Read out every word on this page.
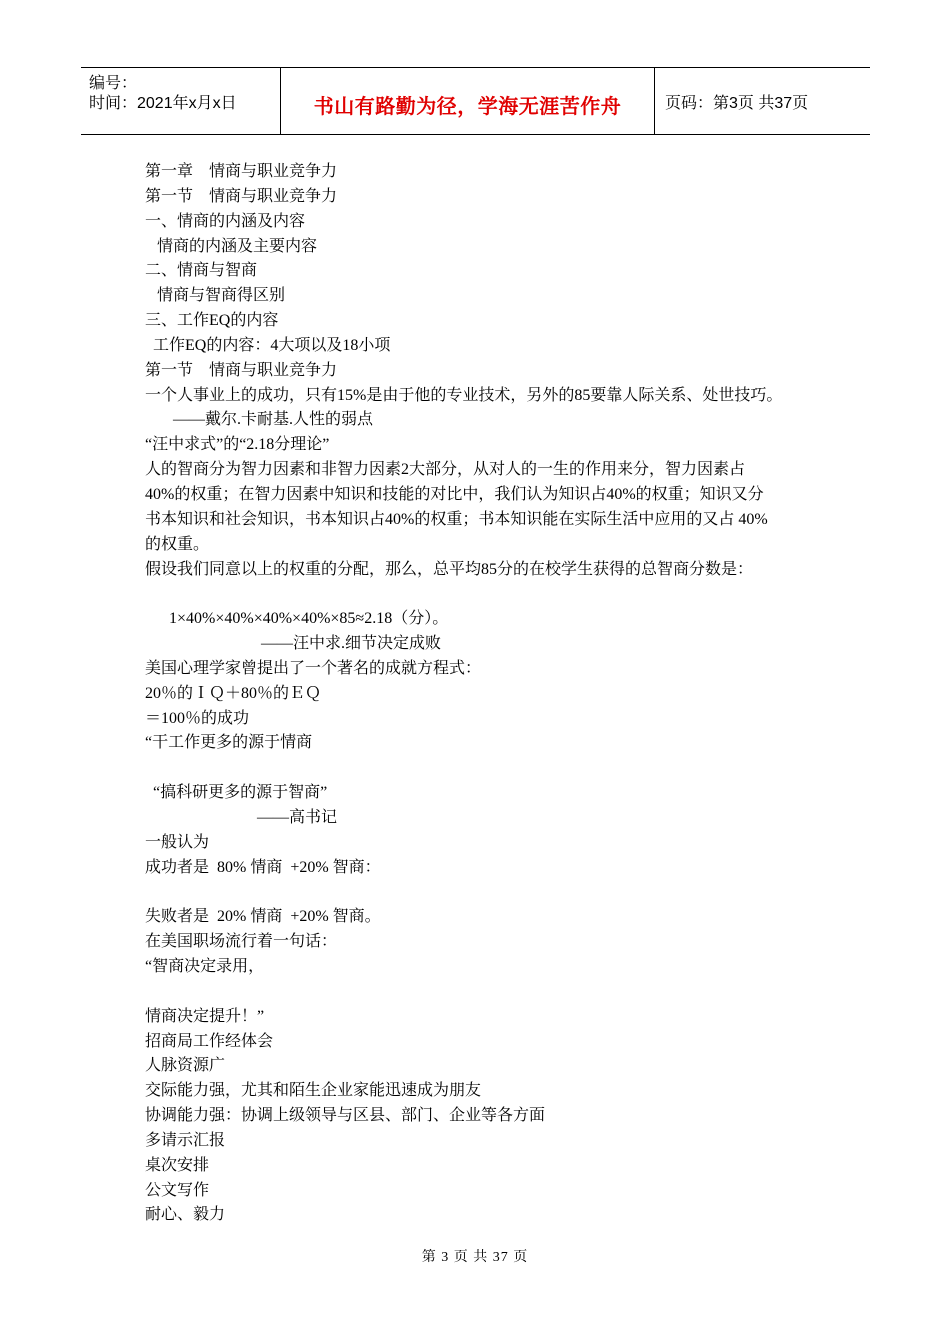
编号：
时间：2021年x月x日	书山有路勤为径，学海无涯苦作舟	页码：第3页 共37页
第一章    情商与职业竞争力
第一节    情商与职业竞争力
一、情商的内涵及内容
情商的内涵及主要内容
二、情商与智商
情商与智商得区别
三、工作EQ的内容
工作EQ的内容：4大项以及18小项
第一节    情商与职业竞争力
一个人事业上的成功，只有15%是由于他的专业技术，另外的85要靠人际关系、处世技巧。
——戴尔.卡耐基.人性的弱点
“汪中求式”的“2.18分理论”
人的智商分为智力因素和非智力因素2大部分，从对人的一生的作用来分，智力因素占
40%的权重；在智力因素中知识和技能的对比中，我们认为知识占40%的权重；知识又分
书本知识和社会知识，书本知识占40%的权重；书本知识能在实际生活中应用的又占 40%
的权重。
假设我们同意以上的权重的分配，那么，总平均85分的在校学生获得的总智商分数是：
1×40%×40%×40%×40%×85≈2.18（分）。
——汪中求.细节决定成败
美国心理学家曾提出了一个著名的成就方程式：
20％的ＩＱ＋80％的ＥＱ
＝100％的成功
“干工作更多的源于情商
“搞科研更多的源于智商”
——高书记
一般认为
成功者是  80% 情商  +20% 智商：
失败者是  20% 情商  +20% 智商。
在美国职场流行着一句话：
“智商决定录用，
情商决定提升！”
招商局工作经体会
人脉资源广
交际能力强，尤其和陌生企业家能迅速成为朋友
协调能力强：协调上级领导与区县、部门、企业等各方面
多请示汇报
桌次安排
公文写作
耐心、毅力
第 3 页 共 37 页
